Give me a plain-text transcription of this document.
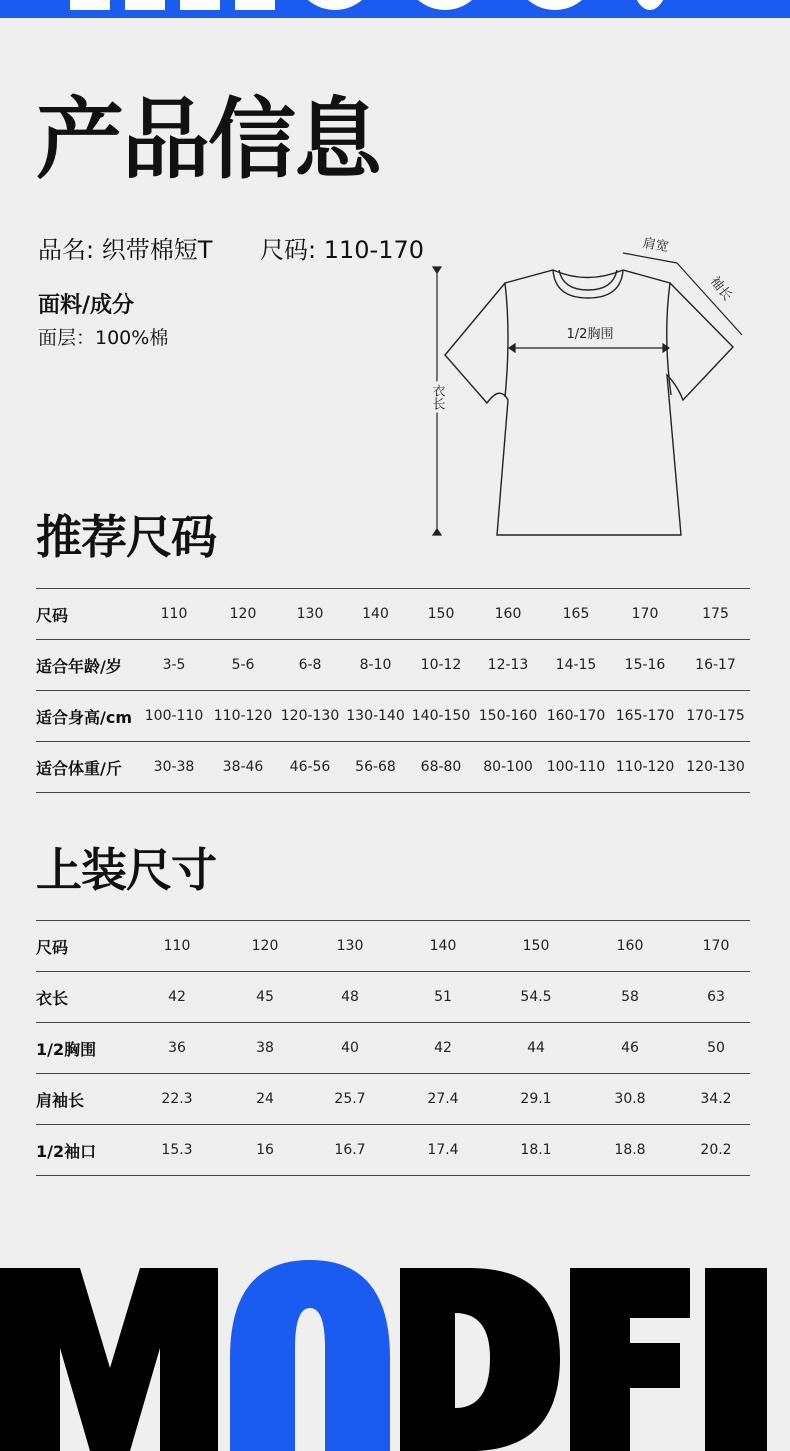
产品信息
品名: 织带棉短T 尺码: 110-170
面料/成分
面层：100%棉	1/2胸围
肩宽
袖长
衣长
推荐尺码
尺码	110	120	130	140	150	160	165	170	175
适合年龄/岁	3-5	5-6	6-8	8-10	10-12	12-13	14-15	15-16	16-17
适合身高/cm	100-110	110-120	120-130	130-140	140-150	150-160	160-170	165-170	170-175
适合体重/斤	30-38	38-46	46-56	56-68	68-80	80-100	100-110	110-120	120-130
上装尺寸
尺码	110	120	130	140	150	160	170
衣长	42	45	48	51	54.5	58	63
1/2胸围	36	38	40	42	44	46	50
肩袖长	22.3	24	25.7	27.4	29.1	30.8	34.2
1/2袖口	15.3	16	16.7	17.4	18.1	18.8	20.2
